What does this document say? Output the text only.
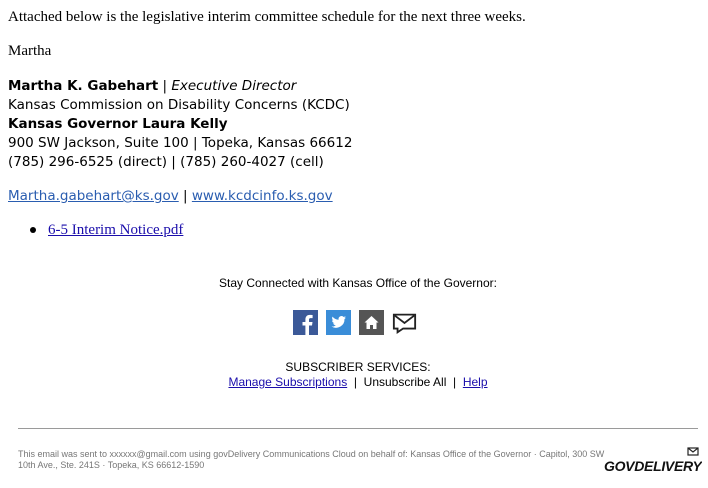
Attached below is the legislative interim committee schedule for the next three weeks.
Martha
Martha K. Gabehart | Executive Director
Kansas Commission on Disability Concerns (KCDC)
Kansas Governor Laura Kelly
900 SW Jackson, Suite 100 | Topeka, Kansas 66612
(785) 296-6525 (direct) | (785) 260-4027 (cell)
Martha.gabehart@ks.gov | www.kcdcinfo.ks.gov
6-5 Interim Notice.pdf
Stay Connected with Kansas Office of the Governor:
SUBSCRIBER SERVICES:
Manage Subscriptions | Unsubscribe All | Help
This email was sent to xxxxxx@gmail.com using govDelivery Communications Cloud on behalf of: Kansas Office of the Governor · Capitol, 300 SW 10th Ave., Ste. 241S · Topeka, KS 66612-1590	GOVDELIVERY
